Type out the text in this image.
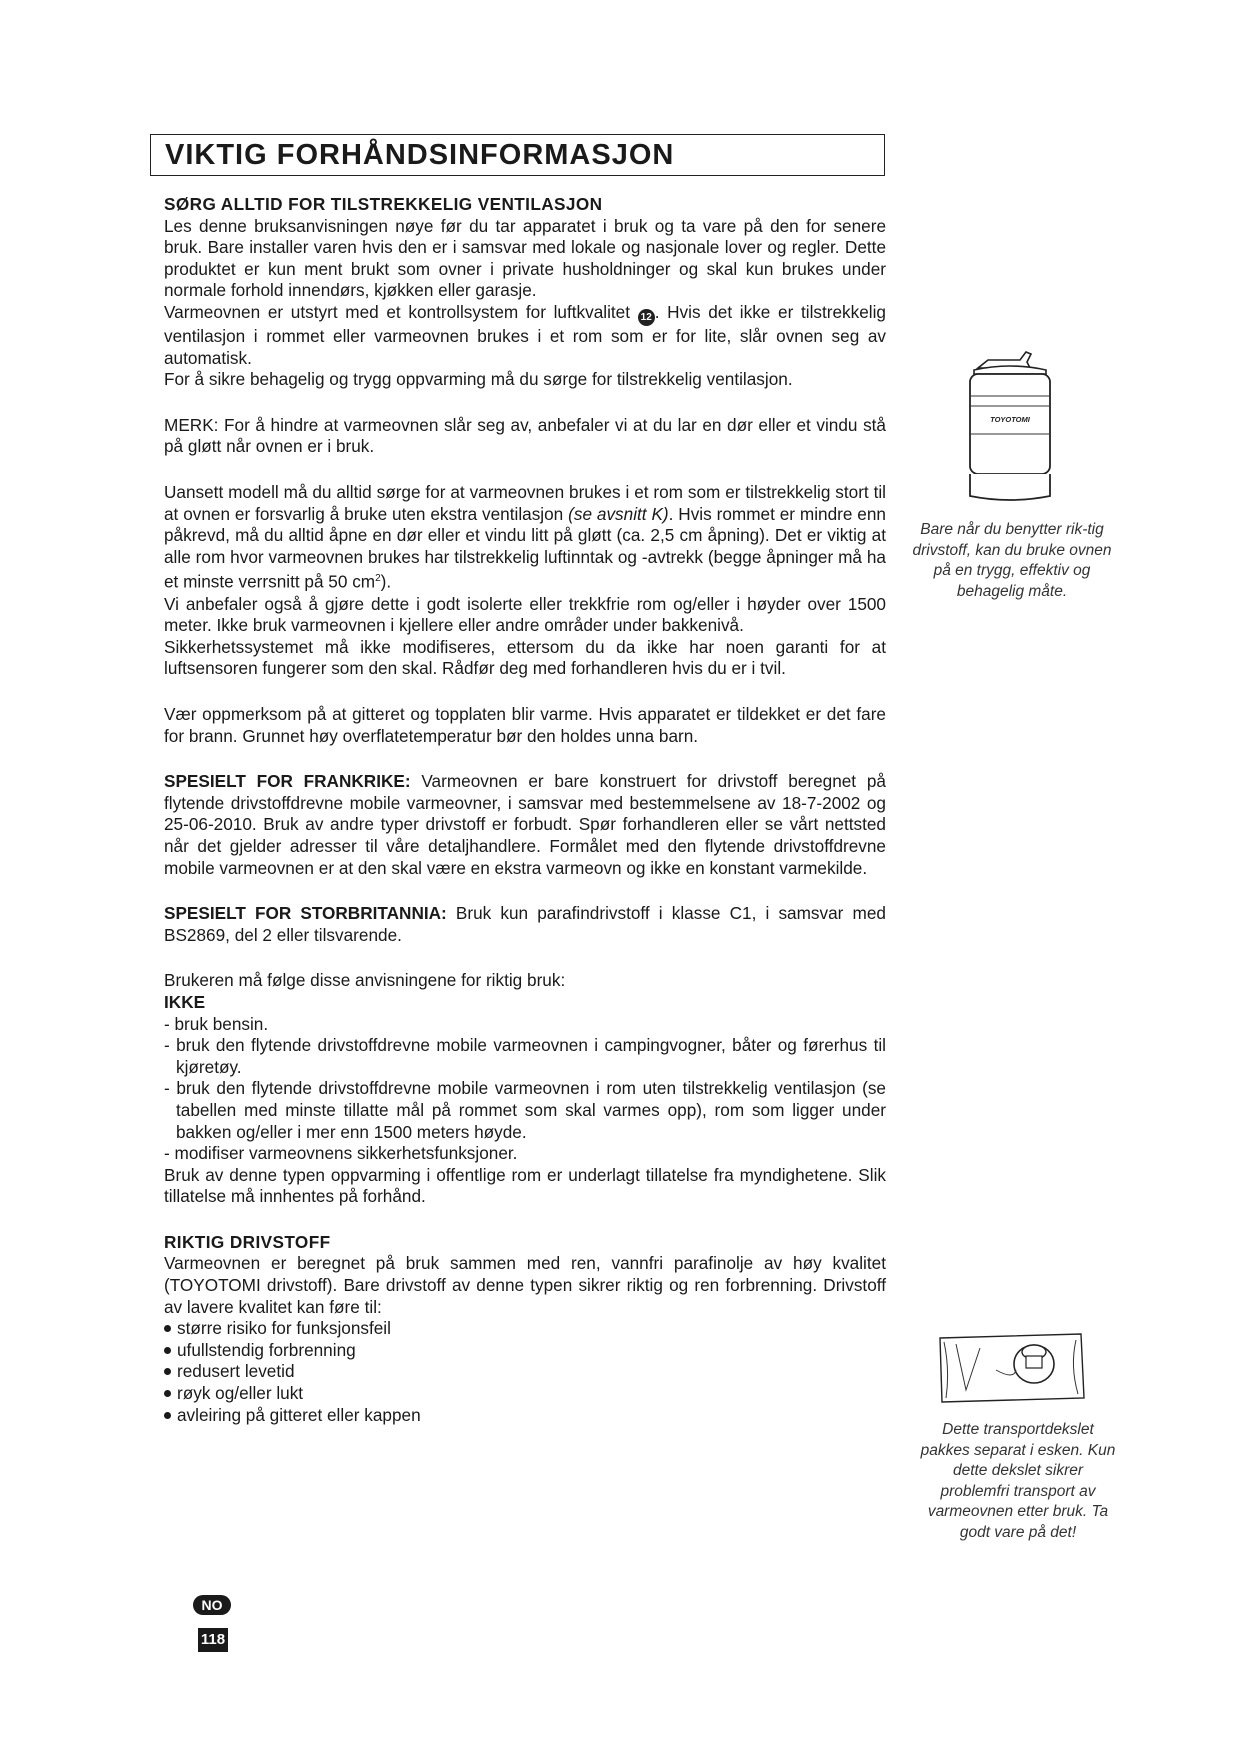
VIKTIG FORHÅNDSINFORMASJON
SØRG ALLTID FOR TILSTREKKELIG VENTILASJON

Les denne bruksanvisningen nøye før du tar apparatet i bruk og ta vare på den for senere bruk. Bare installer varen hvis den er i samsvar med lokale og nasjonale lover og regler. Dette produktet er kun ment brukt som ovner i private husholdninger og skal kun brukes under normale forhold innendørs, kjøkken eller garasje.

Varmeovnen er utstyrt med et kontrollsystem for luftkvalitet 12 . Hvis det ikke er tilstrekkelig ventilasjon i rommet eller varmeovnen brukes i et rom som er for lite, slår ovnen seg av automatisk.

For å sikre behagelig og trygg oppvarming må du sørge for tilstrekkelig ventilasjon.

MERK: For å hindre at varmeovnen slår seg av, anbefaler vi at du lar en dør eller et vindu stå på gløtt når ovnen er i bruk.

Uansett modell må du alltid sørge for at varmeovnen brukes i et rom som er tilstrekkelig stort til at ovnen er forsvarlig å bruke uten ekstra ventilasjon (se avsnitt K). Hvis rommet er mindre enn påkrevd, må du alltid åpne en dør eller et vindu litt på gløtt (ca. 2,5 cm åpning). Det er viktig at alle rom hvor varmeovnen brukes har tilstrekkelig luftinntak og -avtrekk (begge åpninger må ha et minste verrsnitt på 50 $cm^2$).

Vi anbefaler også å gjøre dette i godt isolerte eller trekkfrie rom og/eller i høyder over 1500 meter. Ikke bruk varmeovnen i kjellere eller andre områder under bakkenivå.

Sikkerhetssystemet må ikke modifiseres, ettersom du da ikke har noen garanti for at luftsensoren fungerer som den skal. Rådfør deg med forhandleren hvis du er i tvil.

Vær oppmerksom på at gitteret og topplaten blir varme. Hvis apparatet er tildekket er det fare for brann. Grunnet høy overflatetemperatur bør den holdes unna barn.

SPESIELT FOR FRANKRIKE: Varmeovnen er bare konstruert for drivstoff beregnet på flytende drivstoffdrevne mobile varmeovner, i samsvar med bestemmelsene av 18-7-2002 og 25-06-2010. Bruk av andre typer drivstoff er forbudt. Spør forhandleren eller se vårt nettsted når det gjelder adresser til våre detaljhandlere. Formålet med den flytende drivstoffdrevne mobile varmeovnen er at den skal være en ekstra varmeovn og ikke en konstant varmekilde.

SPESIELT FOR STORBRITANNIA: Bruk kun parafindrivstoff i klasse C1, i samsvar med BS2869, del 2 eller tilsvarende.

Brukeren må følge disse anvisningene for riktig bruk:

IKKE

- bruk bensin.

- bruk den flytende drivstoffdrevne mobile varmeovnen i campingvogner, båter og førerhus til kjøretøy.

- bruk den flytende drivstoffdrevne mobile varmeovnen i rom uten tilstrekkelig ventilasjon (se tabellen med minste tillatte mål på rommet som skal varmes opp), rom som ligger under bakken og/eller i mer enn 1500 meters høyde.

- modifiser varmeovnens sikkerhetsfunksjoner.

Bruk av denne typen oppvarming i offentlige rom er underlagt tillatelse fra myndighetene. Slik tillatelse må innhentes på forhånd.

RIKTIG DRIVSTOFF

Varmeovnen er beregnet på bruk sammen med ren, vannfri parafinolje av høy kvalitet (TOYOTOMI drivstoff). Bare drivstoff av denne typen sikrer riktig og ren forbrenning. Drivstoff av lavere kvalitet kan føre til:

større risiko for funksjonsfeil
ufullstendig forbrenning
redusert levetid
røyk og/eller lukt
avleiring på gitteret eller kappen
TOYOTOMI
Bare når du benytter rik-tig drivstoff, kan du bruke ovnen på en trygg, effektiv og behagelig måte.
Dette transportdekslet pakkes separat i esken. Kun dette dekslet sikrer problemfri transport av varmeovnen etter bruk. Ta godt vare på det!
NO
118
